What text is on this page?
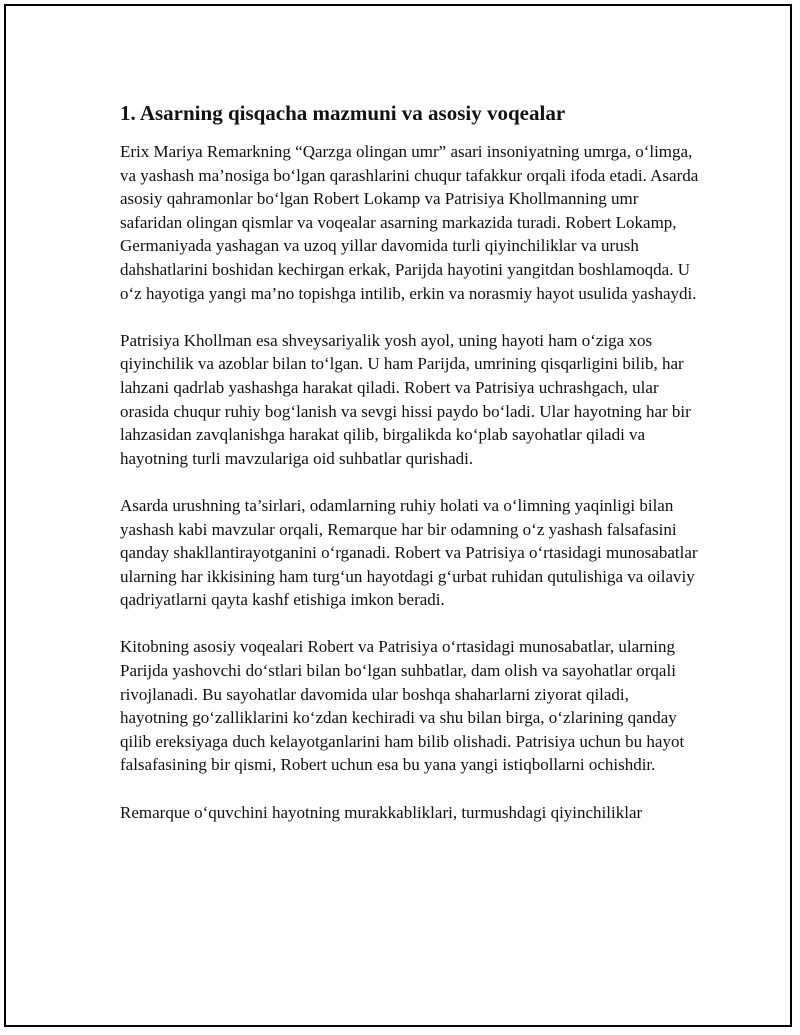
1. Asarning qisqacha mazmuni va asosiy voqealar

Erix Mariya Remarkning “Qarzga olingan umr” asari insoniyatning umrga, o‘limga, va yashash ma’nosiga bo‘lgan qarashlarini chuqur tafakkur orqali ifoda etadi. Asarda asosiy qahramonlar bo‘lgan Robert Lokamp va Patrisiya Khollmanning umr safaridan olingan qismlar va voqealar asarning markazida turadi. Robert Lokamp, Germaniyada yashagan va uzoq yillar davomida turli qiyinchiliklar va urush dahshatlarini boshidan kechirgan erkak, Parijda hayotini yangitdan boshlamoqda. U o‘z hayotiga yangi ma’no topishga intilib, erkin va norasmiy hayot usulida yashaydi.

Patrisiya Khollman esa shveysariyalik yosh ayol, uning hayoti ham o‘ziga xos qiyinchilik va azoblar bilan to‘lgan. U ham Parijda, umrining qisqarligini bilib, har lahzani qadrlab yashashga harakat qiladi. Robert va Patrisiya uchrashgach, ular orasida chuqur ruhiy bog‘lanish va sevgi hissi paydo bo‘ladi. Ular hayotning har bir lahzasidan zavqlanishga harakat qilib, birgalikda ko‘plab sayohatlar qiladi va hayotning turli mavzulariga oid suhbatlar qurishadi.

Asarda urushning ta’sirlari, odamlarning ruhiy holati va o‘limning yaqinligi bilan yashash kabi mavzular orqali, Remarque har bir odamning o‘z yashash falsafasini qanday shakllantirayotganini o‘rganadi. Robert va Patrisiya o‘rtasidagi munosabatlar ularning har ikkisining ham turg‘un hayotdagi g‘urbat ruhidan qutulishiga va oilaviy qadriyatlarni qayta kashf etishiga imkon beradi.

Kitobning asosiy voqealari Robert va Patrisiya o‘rtasidagi munosabatlar, ularning Parijda yashovchi do‘stlari bilan bo‘lgan suhbatlar, dam olish va sayohatlar orqali rivojlanadi. Bu sayohatlar davomida ular boshqa shaharlarni ziyorat qiladi, hayotning go‘zalliklarini ko‘zdan kechiradi va shu bilan birga, o‘zlarining qanday qilib ereksiyaga duch kelayotganlarini ham bilib olishadi. Patrisiya uchun bu hayot falsafasining bir qismi, Robert uchun esa bu yana yangi istiqbollarni ochishdir.

Remarque o‘quvchini hayotning murakkabliklari, turmushdagi qiyinchiliklar
